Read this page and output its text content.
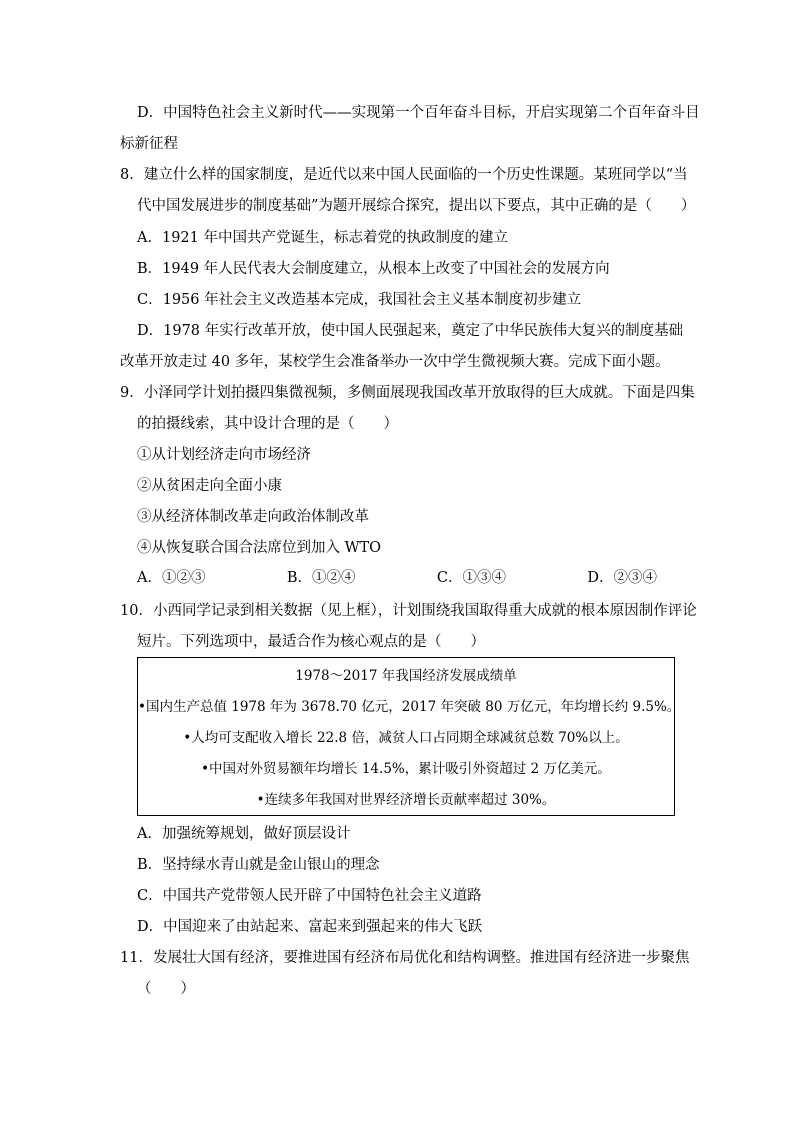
D．中国特色社会主义新时代——实现第一个百年奋斗目标，开启实现第二个百年奋斗目
标新征程
8．建立什么样的国家制度，是近代以来中国人民面临的一个历史性课题。某班同学以“当
代中国发展进步的制度基础”为题开展综合探究，提出以下要点，其中正确的是（　　）
A．1921 年中国共产党诞生，标志着党的执政制度的建立
B．1949 年人民代表大会制度建立，从根本上改变了中国社会的发展方向
C．1956 年社会主义改造基本完成，我国社会主义基本制度初步建立
D．1978 年实行改革开放，使中国人民强起来，奠定了中华民族伟大复兴的制度基础
改革开放走过 40 多年，某校学生会准备举办一次中学生微视频大赛。完成下面小题。
9．小泽同学计划拍摄四集微视频，多侧面展现我国改革开放取得的巨大成就。下面是四集
的拍摄线索，其中设计合理的是（　　）
①从计划经济走向市场经济
②从贫困走向全面小康
③从经济体制改革走向政治体制改革
④从恢复联合国合法席位到加入 WTO
A．①②③	B．①②④	C．①③④	D．②③④
10．小西同学记录到相关数据（见上框），计划围绕我国取得重大成就的根本原因制作评论
短片。下列选项中，最适合作为核心观点的是（　　）
1978～2017 年我国经济发展成绩单
•国内生产总值 1978 年为 3678.70 亿元，2017 年突破 80 万亿元，年均增长约 9.5%。
•人均可支配收入增长 22.8 倍，减贫人口占同期全球减贫总数 70%以上。
•中国对外贸易额年均增长 14.5%，累计吸引外资超过 2 万亿美元。
•连续多年我国对世界经济增长贡献率超过 30%。
A．加强统筹规划，做好顶层设计
B．坚持绿水青山就是金山银山的理念
C．中国共产党带领人民开辟了中国特色社会主义道路
D．中国迎来了由站起来、富起来到强起来的伟大飞跃
11．发展壮大国有经济，要推进国有经济布局优化和结构调整。推进国有经济进一步聚焦
（　　）
